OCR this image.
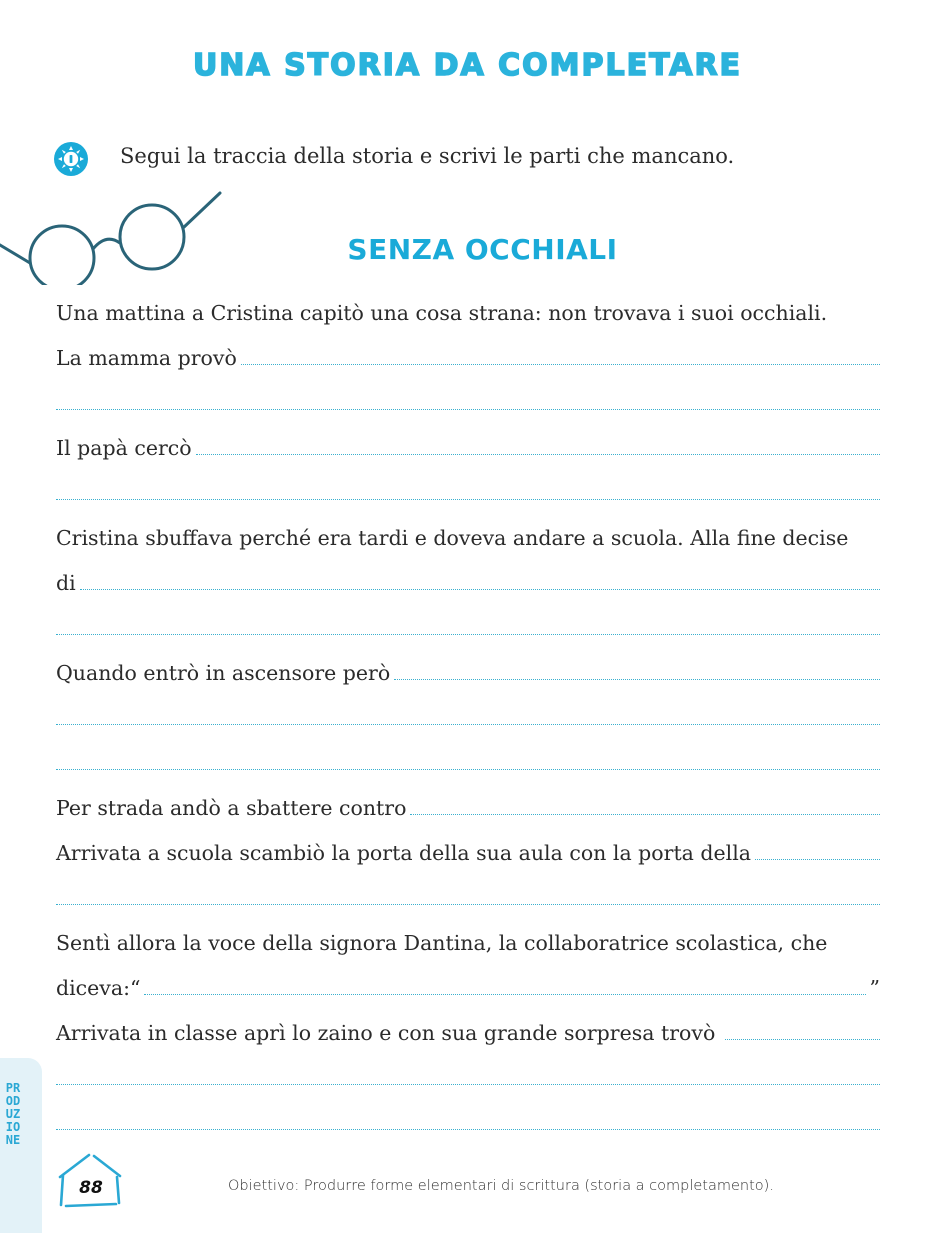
UNA STORIA DA COMPLETARE
Segui la traccia della storia e scrivi le parti che mancano.
SENZA OCCHIALI
Una mattina a Cristina capitò una cosa strana: non trovava i suoi occhiali.
La mamma provò
Il papà cercò
Cristina sbuffava perché era tardi e doveva andare a scuola. Alla fine decise
di
Quando entrò in ascensore però
Per strada andò a sbattere contro
Arrivata a scuola scambiò la porta della sua aula con la porta della
Sentì allora la voce della signora Dantina, la collaboratrice scolastica, che
diceva:“	”
Arrivata in classe aprì lo zaino e con sua grande sorpresa trovò
PRODUZIONE
88	Obiettivo: Produrre forme elementari di scrittura (storia a completamento).
